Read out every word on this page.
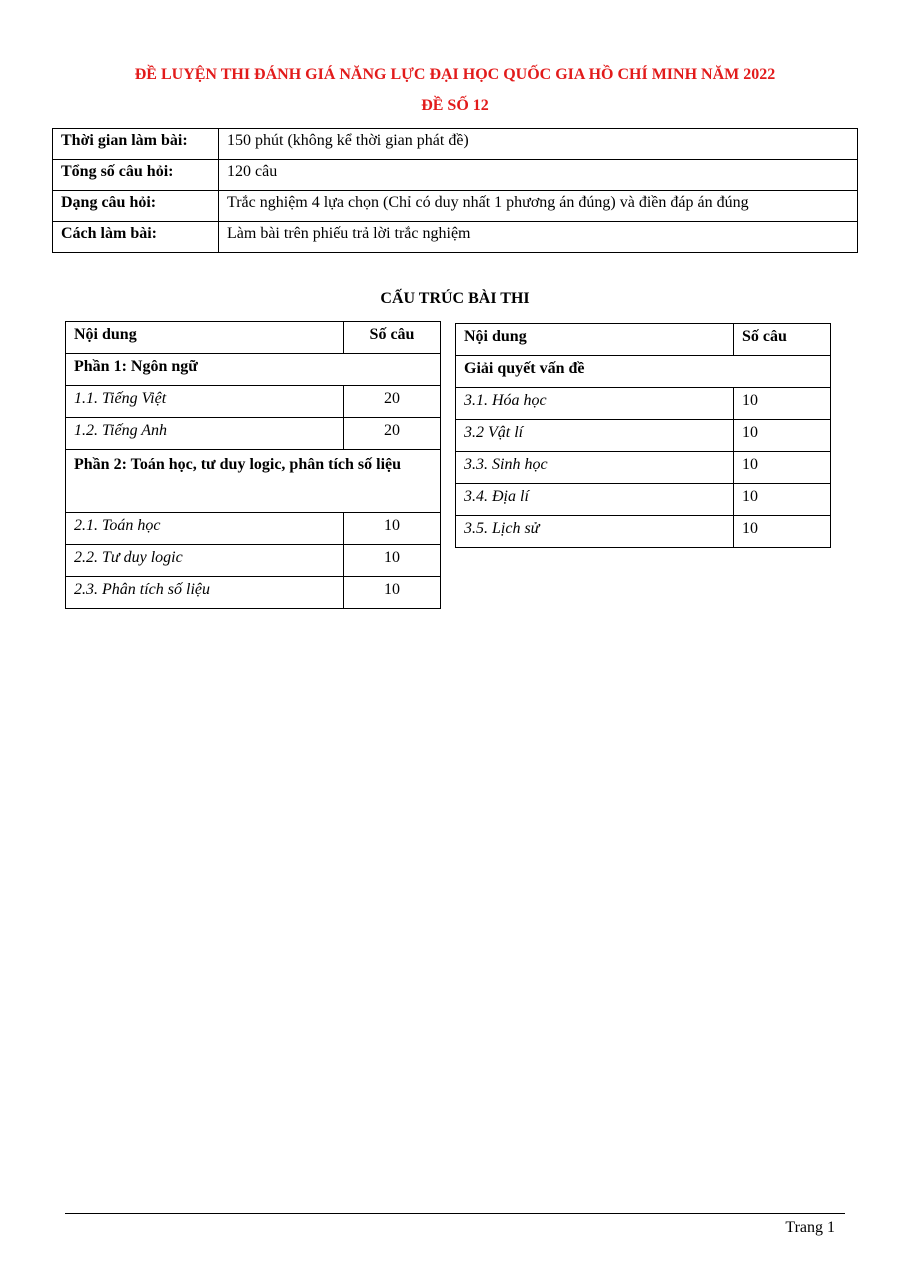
ĐỀ LUYỆN THI ĐÁNH GIÁ NĂNG LỰC ĐẠI HỌC QUỐC GIA HỒ CHÍ MINH NĂM 2022
ĐỀ SỐ 12
Thời gian làm bài:	150 phút (không kể thời gian phát đề)
Tổng số câu hỏi:	120 câu
Dạng câu hỏi:	Trắc nghiệm 4 lựa chọn (Chỉ có duy nhất 1 phương án đúng) và điền đáp án đúng
Cách làm bài:	Làm bài trên phiếu trả lời trắc nghiệm
CẤU TRÚC BÀI THI
Nội dung	Số câu
Phần 1: Ngôn ngữ	
1.1. Tiếng Việt	20
1.2. Tiếng Anh	20
Phần 2: Toán học, tư duy logic, phân tích số liệu	
2.1. Toán học	10
2.2. Tư duy logic	10
2.3. Phân tích số liệu	10
Nội dung	Số câu
Giải quyết vấn đề	
3.1. Hóa học	10
3.2 Vật lí	10
3.3. Sinh học	10
3.4. Địa lí	10
3.5. Lịch sử	10
Trang 1
